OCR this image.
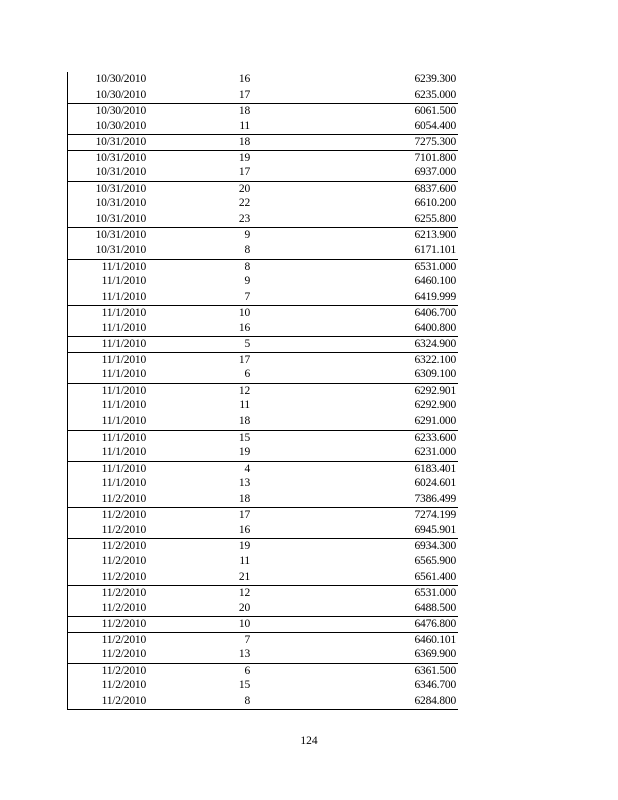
10/30/2010	16	6239.300
10/30/2010	17	6235.000
10/30/2010	18	6061.500
10/30/2010	11	6054.400
10/31/2010	18	7275.300
10/31/2010	19	7101.800
10/31/2010	17	6937.000
10/31/2010	20	6837.600
10/31/2010	22	6610.200
10/31/2010	23	6255.800
10/31/2010	9	6213.900
10/31/2010	8	6171.101
11/1/2010	8	6531.000
11/1/2010	9	6460.100
11/1/2010	7	6419.999
11/1/2010	10	6406.700
11/1/2010	16	6400.800
11/1/2010	5	6324.900
11/1/2010	17	6322.100
11/1/2010	6	6309.100
11/1/2010	12	6292.901
11/1/2010	11	6292.900
11/1/2010	18	6291.000
11/1/2010	15	6233.600
11/1/2010	19	6231.000
11/1/2010	4	6183.401
11/1/2010	13	6024.601
11/2/2010	18	7386.499
11/2/2010	17	7274.199
11/2/2010	16	6945.901
11/2/2010	19	6934.300
11/2/2010	11	6565.900
11/2/2010	21	6561.400
11/2/2010	12	6531.000
11/2/2010	20	6488.500
11/2/2010	10	6476.800
11/2/2010	7	6460.101
11/2/2010	13	6369.900
11/2/2010	6	6361.500
11/2/2010	15	6346.700
11/2/2010	8	6284.800
124
